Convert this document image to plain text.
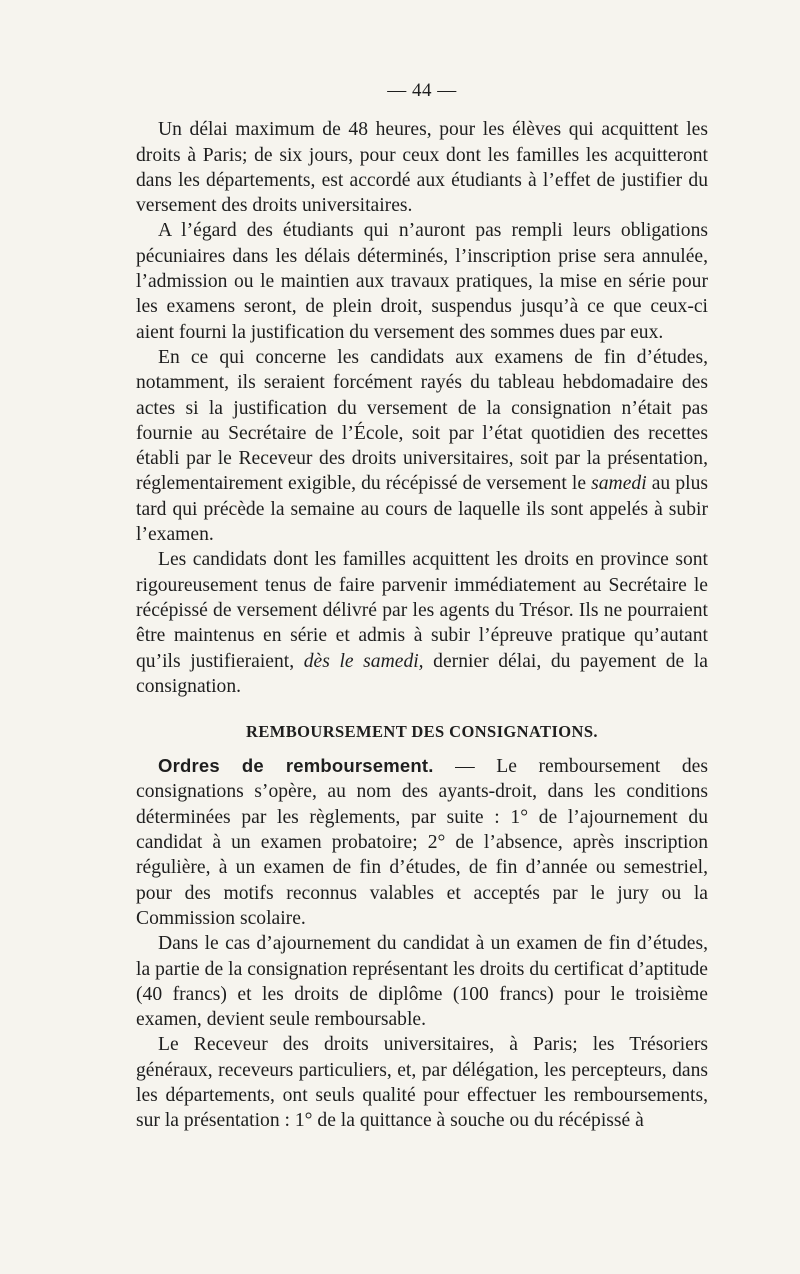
— 44 —

Un délai maximum de 48 heures, pour les élèves qui acquittent les droits à Paris; de six jours, pour ceux dont les familles les acquitteront dans les départements, est accordé aux étudiants à l’effet de justifier du versement des droits universitaires.

A l’égard des étudiants qui n’auront pas rempli leurs obligations pécuniaires dans les délais déterminés, l’inscription prise sera annulée, l’admission ou le maintien aux travaux pratiques, la mise en série pour les examens seront, de plein droit, suspendus jusqu’à ce que ceux-ci aient fourni la justification du versement des sommes dues par eux.

En ce qui concerne les candidats aux examens de fin d’études, notamment, ils seraient forcément rayés du tableau hebdomadaire des actes si la justification du versement de la consignation n’était pas fournie au Secrétaire de l’École, soit par l’état quotidien des recettes établi par le Receveur des droits universitaires, soit par la présentation, réglementairement exigible, du récépissé de versement le samedi au plus tard qui précède la semaine au cours de laquelle ils sont appelés à subir l’examen.

Les candidats dont les familles acquittent les droits en province sont rigoureusement tenus de faire parvenir immédiatement au Secrétaire le récépissé de versement délivré par les agents du Trésor. Ils ne pourraient être maintenus en série et admis à subir l’épreuve pratique qu’autant qu’ils justifieraient, dès le samedi, dernier délai, du payement de la consignation.

REMBOURSEMENT DES CONSIGNATIONS.

Ordres de remboursement. — Le remboursement des consignations s’opère, au nom des ayants-droit, dans les conditions déterminées par les règlements, par suite : 1° de l’ajournement du candidat à un examen probatoire; 2° de l’absence, après inscription régulière, à un examen de fin d’études, de fin d’année ou semestriel, pour des motifs reconnus valables et acceptés par le jury ou la Commission scolaire.

Dans le cas d’ajournement du candidat à un examen de fin d’études, la partie de la consignation représentant les droits du certificat d’aptitude (40 francs) et les droits de diplôme (100 francs) pour le troisième examen, devient seule remboursable.

Le Receveur des droits universitaires, à Paris; les Trésoriers généraux, receveurs particuliers, et, par délégation, les percepteurs, dans les départements, ont seuls qualité pour effectuer les remboursements, sur la présentation : 1° de la quittance à souche ou du récépissé à
